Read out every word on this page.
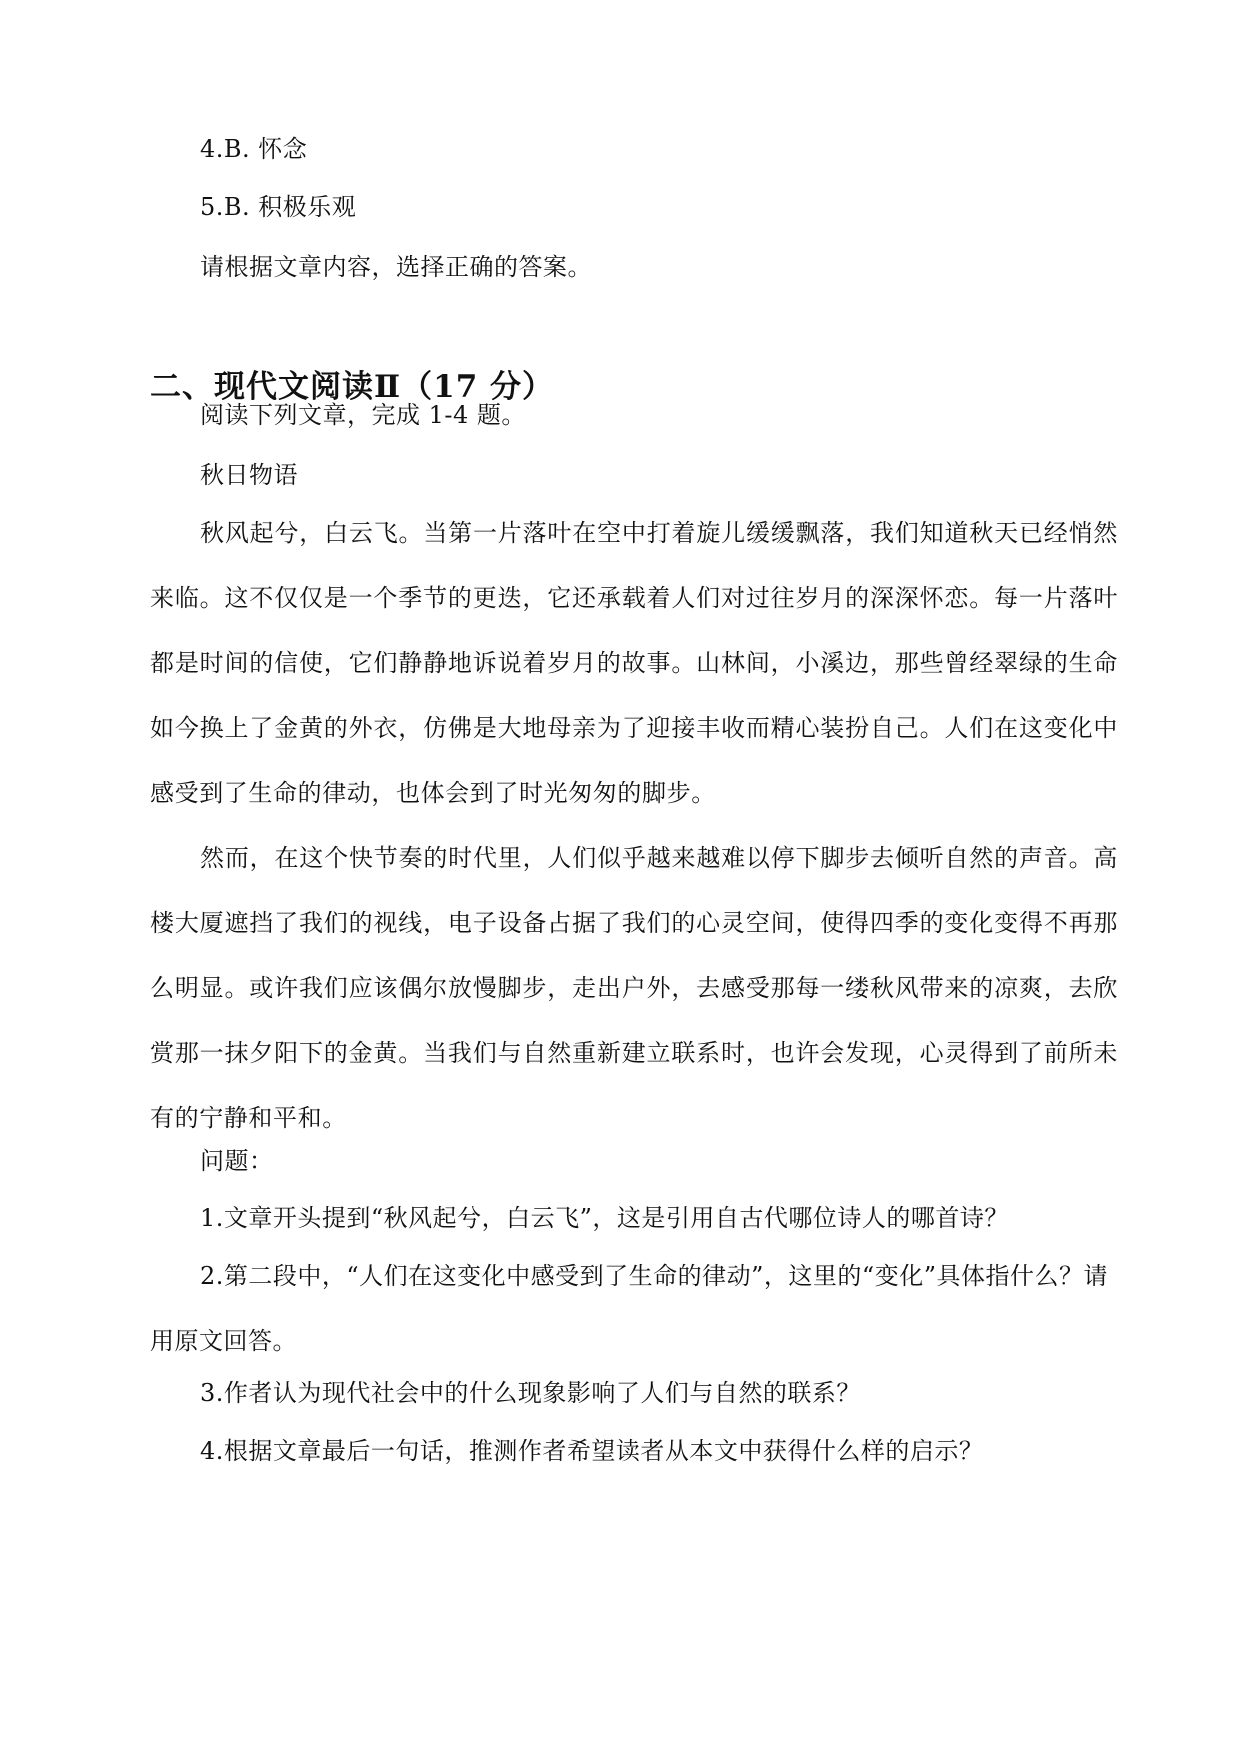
4.B. 怀念
5.B. 积极乐观
请根据文章内容，选择正确的答案。
二、现代文阅读Ⅱ（17 分）
阅读下列文章，完成 1-4 题。
秋日物语

秋风起兮，白云飞。当第一片落叶在空中打着旋儿缓缓飘落，我们知道秋天已经悄然来临。这不仅仅是一个季节的更迭，它还承载着人们对过往岁月的深深怀恋。每一片落叶都是时间的信使，它们静静地诉说着岁月的故事。山林间，小溪边，那些曾经翠绿的生命如今换上了金黄的外衣，仿佛是大地母亲为了迎接丰收而精心装扮自己。人们在这变化中感受到了生命的律动，也体会到了时光匆匆的脚步。

然而，在这个快节奏的时代里，人们似乎越来越难以停下脚步去倾听自然的声音。高楼大厦遮挡了我们的视线，电子设备占据了我们的心灵空间，使得四季的变化变得不再那么明显。或许我们应该偶尔放慢脚步，走出户外，去感受那每一缕秋风带来的凉爽，去欣赏那一抹夕阳下的金黄。当我们与自然重新建立联系时，也许会发现，心灵得到了前所未有的宁静和平和。

问题：
1.文章开头提到“秋风起兮，白云飞”，这是引用自古代哪位诗人的哪首诗？

2.第二段中，“人们在这变化中感受到了生命的律动”，这里的“变化”具体指什么？请用原文回答。

3.作者认为现代社会中的什么现象影响了人们与自然的联系？
4.根据文章最后一句话，推测作者希望读者从本文中获得什么样的启示？
